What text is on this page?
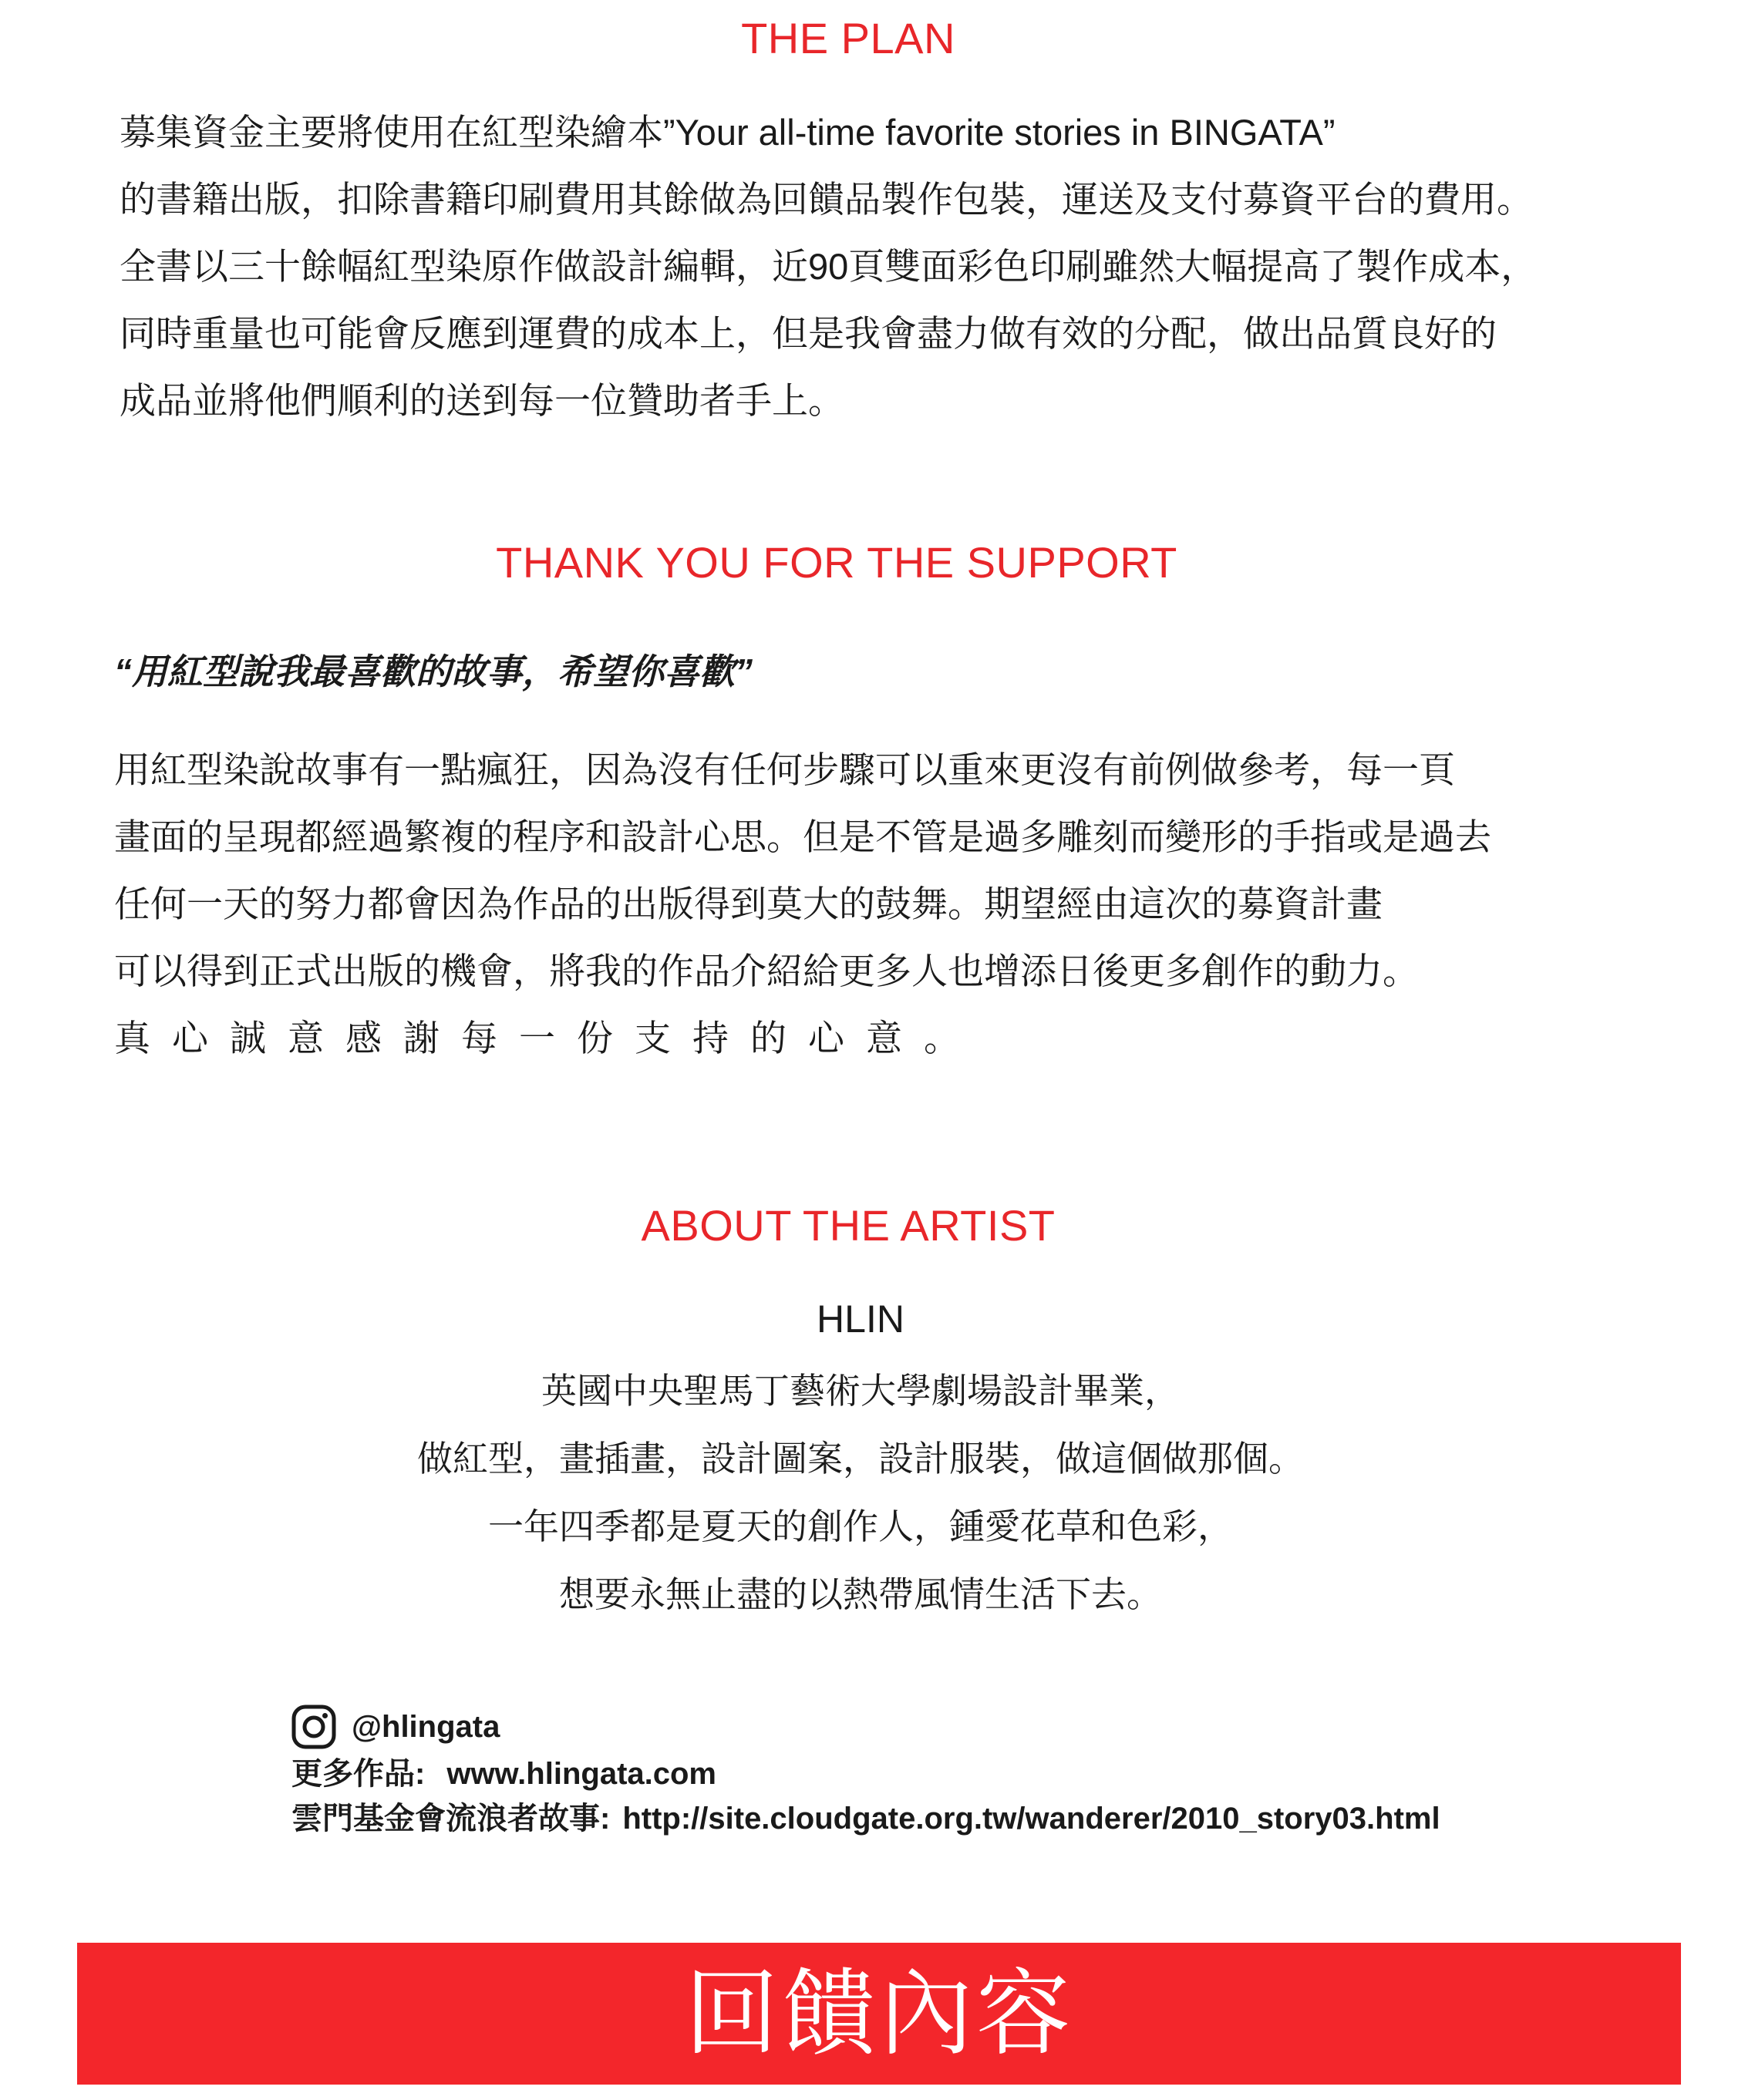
THE PLAN
募集資金主要將使用在紅型染繪本”Your all-time favorite stories in BINGATA”
的書籍出版，扣除書籍印刷費用其餘做為回饋品製作包裝，運送及支付募資平台的費用。
全書以三十餘幅紅型染原作做設計編輯，近90頁雙面彩色印刷雖然大幅提高了製作成本，
同時重量也可能會反應到運費的成本上，但是我會盡力做有效的分配，做出品質良好的
成品並將他們順利的送到每一位贊助者手上。
THANK YOU FOR THE SUPPORT

“用紅型說我最喜歡的故事，希望你喜歡”

用紅型染說故事有一點瘋狂，因為沒有任何步驟可以重來更沒有前例做參考，每一頁
畫面的呈現都經過繁複的程序和設計心思。但是不管是過多雕刻而變形的手指或是過去
任何一天的努力都會因為作品的出版得到莫大的鼓舞。期望經由這次的募資計畫
可以得到正式出版的機會，將我的作品介紹給更多人也增添日後更多創作的動力。
真心誠意感謝每一份支持的心意。
ABOUT THE ARTIST

HLIN

英國中央聖馬丁藝術大學劇場設計畢業，
做紅型，畫插畫，設計圖案，設計服裝，做這個做那個。
一年四季都是夏天的創作人，鍾愛花草和色彩，
想要永無止盡的以熱帶風情生活下去。
@hlingata
更多作品: www.hlingata.com
雲門基金會流浪者故事: http://site.cloudgate.org.tw/wanderer/2010_story03.html
回饋內容
